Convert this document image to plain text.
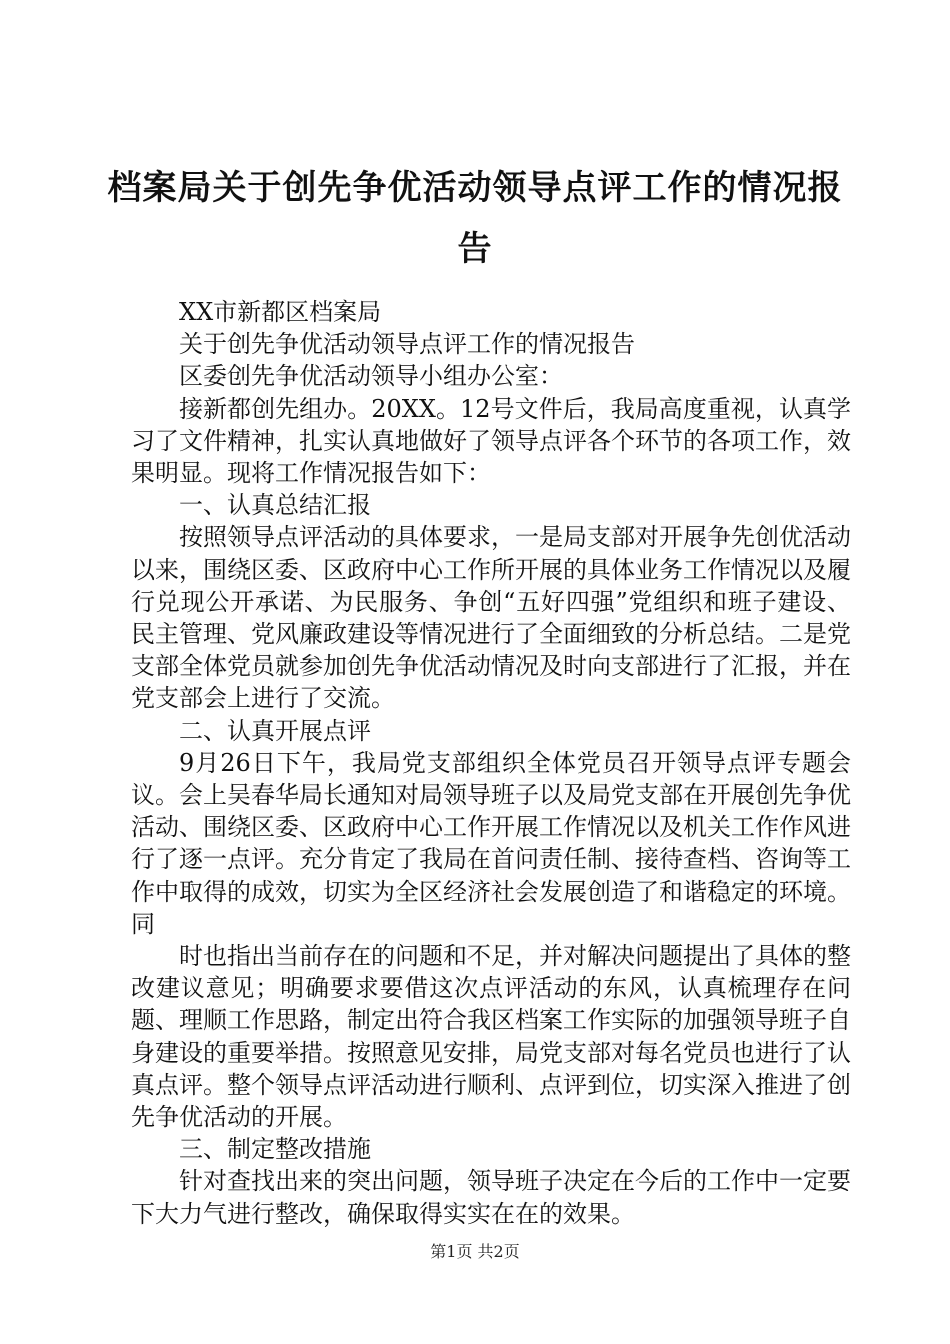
档案局关于创先争优活动领导点评工作的情况报告

XX市新都区档案局

关于创先争优活动领导点评工作的情况报告

区委创先争优活动领导小组办公室：

接新都创先组办。20XX。12号文件后，我局高度重视，认真学习了文件精神，扎实认真地做好了领导点评各个环节的各项工作，效果明显。现将工作情况报告如下：

一、认真总结汇报

按照领导点评活动的具体要求，一是局支部对开展争先创优活动以来，围绕区委、区政府中心工作所开展的具体业务工作情况以及履行兑现公开承诺、为民服务、争创“五好四强”党组织和班子建设、民主管理、党风廉政建设等情况进行了全面细致的分析总结。二是党支部全体党员就参加创先争优活动情况及时向支部进行了汇报，并在党支部会上进行了交流。

二、认真开展点评

9月26日下午，我局党支部组织全体党员召开领导点评专题会议。会上吴春华局长通知对局领导班子以及局党支部在开展创先争优活动、围绕区委、区政府中心工作开展工作情况以及机关工作作风进行了逐一点评。充分肯定了我局在首问责任制、接待查档、咨询等工作中取得的成效，切实为全区经济社会发展创造了和谐稳定的环境。同

时也指出当前存在的问题和不足，并对解决问题提出了具体的整改建议意见；明确要求要借这次点评活动的东风，认真梳理存在问题、理顺工作思路，制定出符合我区档案工作实际的加强领导班子自身建设的重要举措。按照意见安排，局党支部对每名党员也进行了认真点评。整个领导点评活动进行顺利、点评到位，切实深入推进了创先争优活动的开展。

三、制定整改措施

针对查找出来的突出问题，领导班子决定在今后的工作中一定要下大力气进行整改，确保取得实实在在的效果。

第1页 共2页
